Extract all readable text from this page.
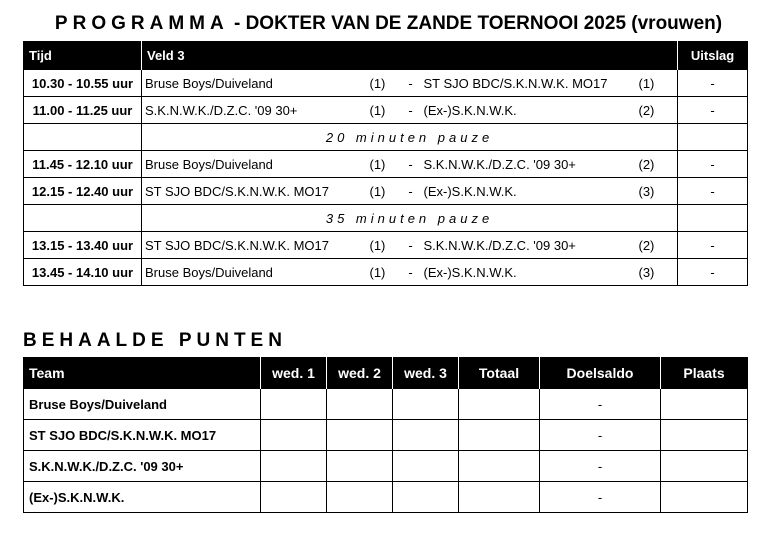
PROGRAMMA - DOKTER VAN DE ZANDE TOERNOOI 2025 (vrouwen)
Tijd	Veld 3					Uitslag
10.30 - 10.55 uur	Bruse Boys/Duiveland	(1)	-	ST SJO BDC/S.K.N.W.K. MO17	(1)	-
11.00 - 11.25 uur	S.K.N.W.K./D.Z.C. '09 30+	(1)	-	(Ex-)S.K.N.W.K.	(2)	-
	20 minuten pauze					
11.45 - 12.10 uur	Bruse Boys/Duiveland	(1)	-	S.K.N.W.K./D.Z.C. '09 30+	(2)	-
12.15 - 12.40 uur	ST SJO BDC/S.K.N.W.K. MO17	(1)	-	(Ex-)S.K.N.W.K.	(3)	-
	35 minuten pauze					
13.15 - 13.40 uur	ST SJO BDC/S.K.N.W.K. MO17	(1)	-	S.K.N.W.K./D.Z.C. '09 30+	(2)	-
13.45 - 14.10 uur	Bruse Boys/Duiveland	(1)	-	(Ex-)S.K.N.W.K.	(3)	-
BEHAALDE PUNTEN
Team	wed. 1	wed. 2	wed. 3	Totaal	Doelsaldo	Plaats
Bruse Boys/Duiveland					-	
ST SJO BDC/S.K.N.W.K. MO17					-	
S.K.N.W.K./D.Z.C. '09 30+					-	
(Ex-)S.K.N.W.K.					-	
